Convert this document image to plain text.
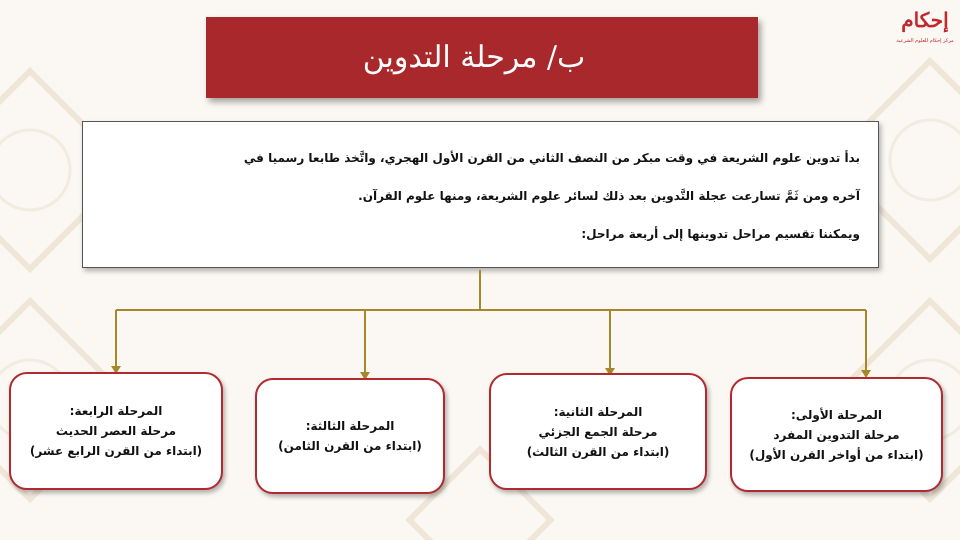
إحكام
مركز إحكام للعلوم الشرعية
ب/ مرحلة التدوين
بدأ تدوين علوم الشريعة في وقت مبكر من النصف الثاني من القرن الأول الهجري، واتَّخذ طابعا رسميا في
آخره ومن ثَمَّ تسارعت عجلة التَّدوين بعد ذلك لسائر علوم الشريعة، ومنها علوم القرآن.
ويمكننا تقسيم مراحل تدوينها إلى أربعة مراحل:
المرحلة الأولى:
مرحلة التدوين المفرد
(ابتداء من أواخر القرن الأول)
المرحلة الثانية:
مرحلة الجمع الجزئي
(ابتداء من القرن الثالث)
المرحلة الثالثة:
(ابتداء من القرن الثامن)
المرحلة الرابعة:
مرحلة العصر الحديث
(ابتداء من القرن الرابع عشر)
